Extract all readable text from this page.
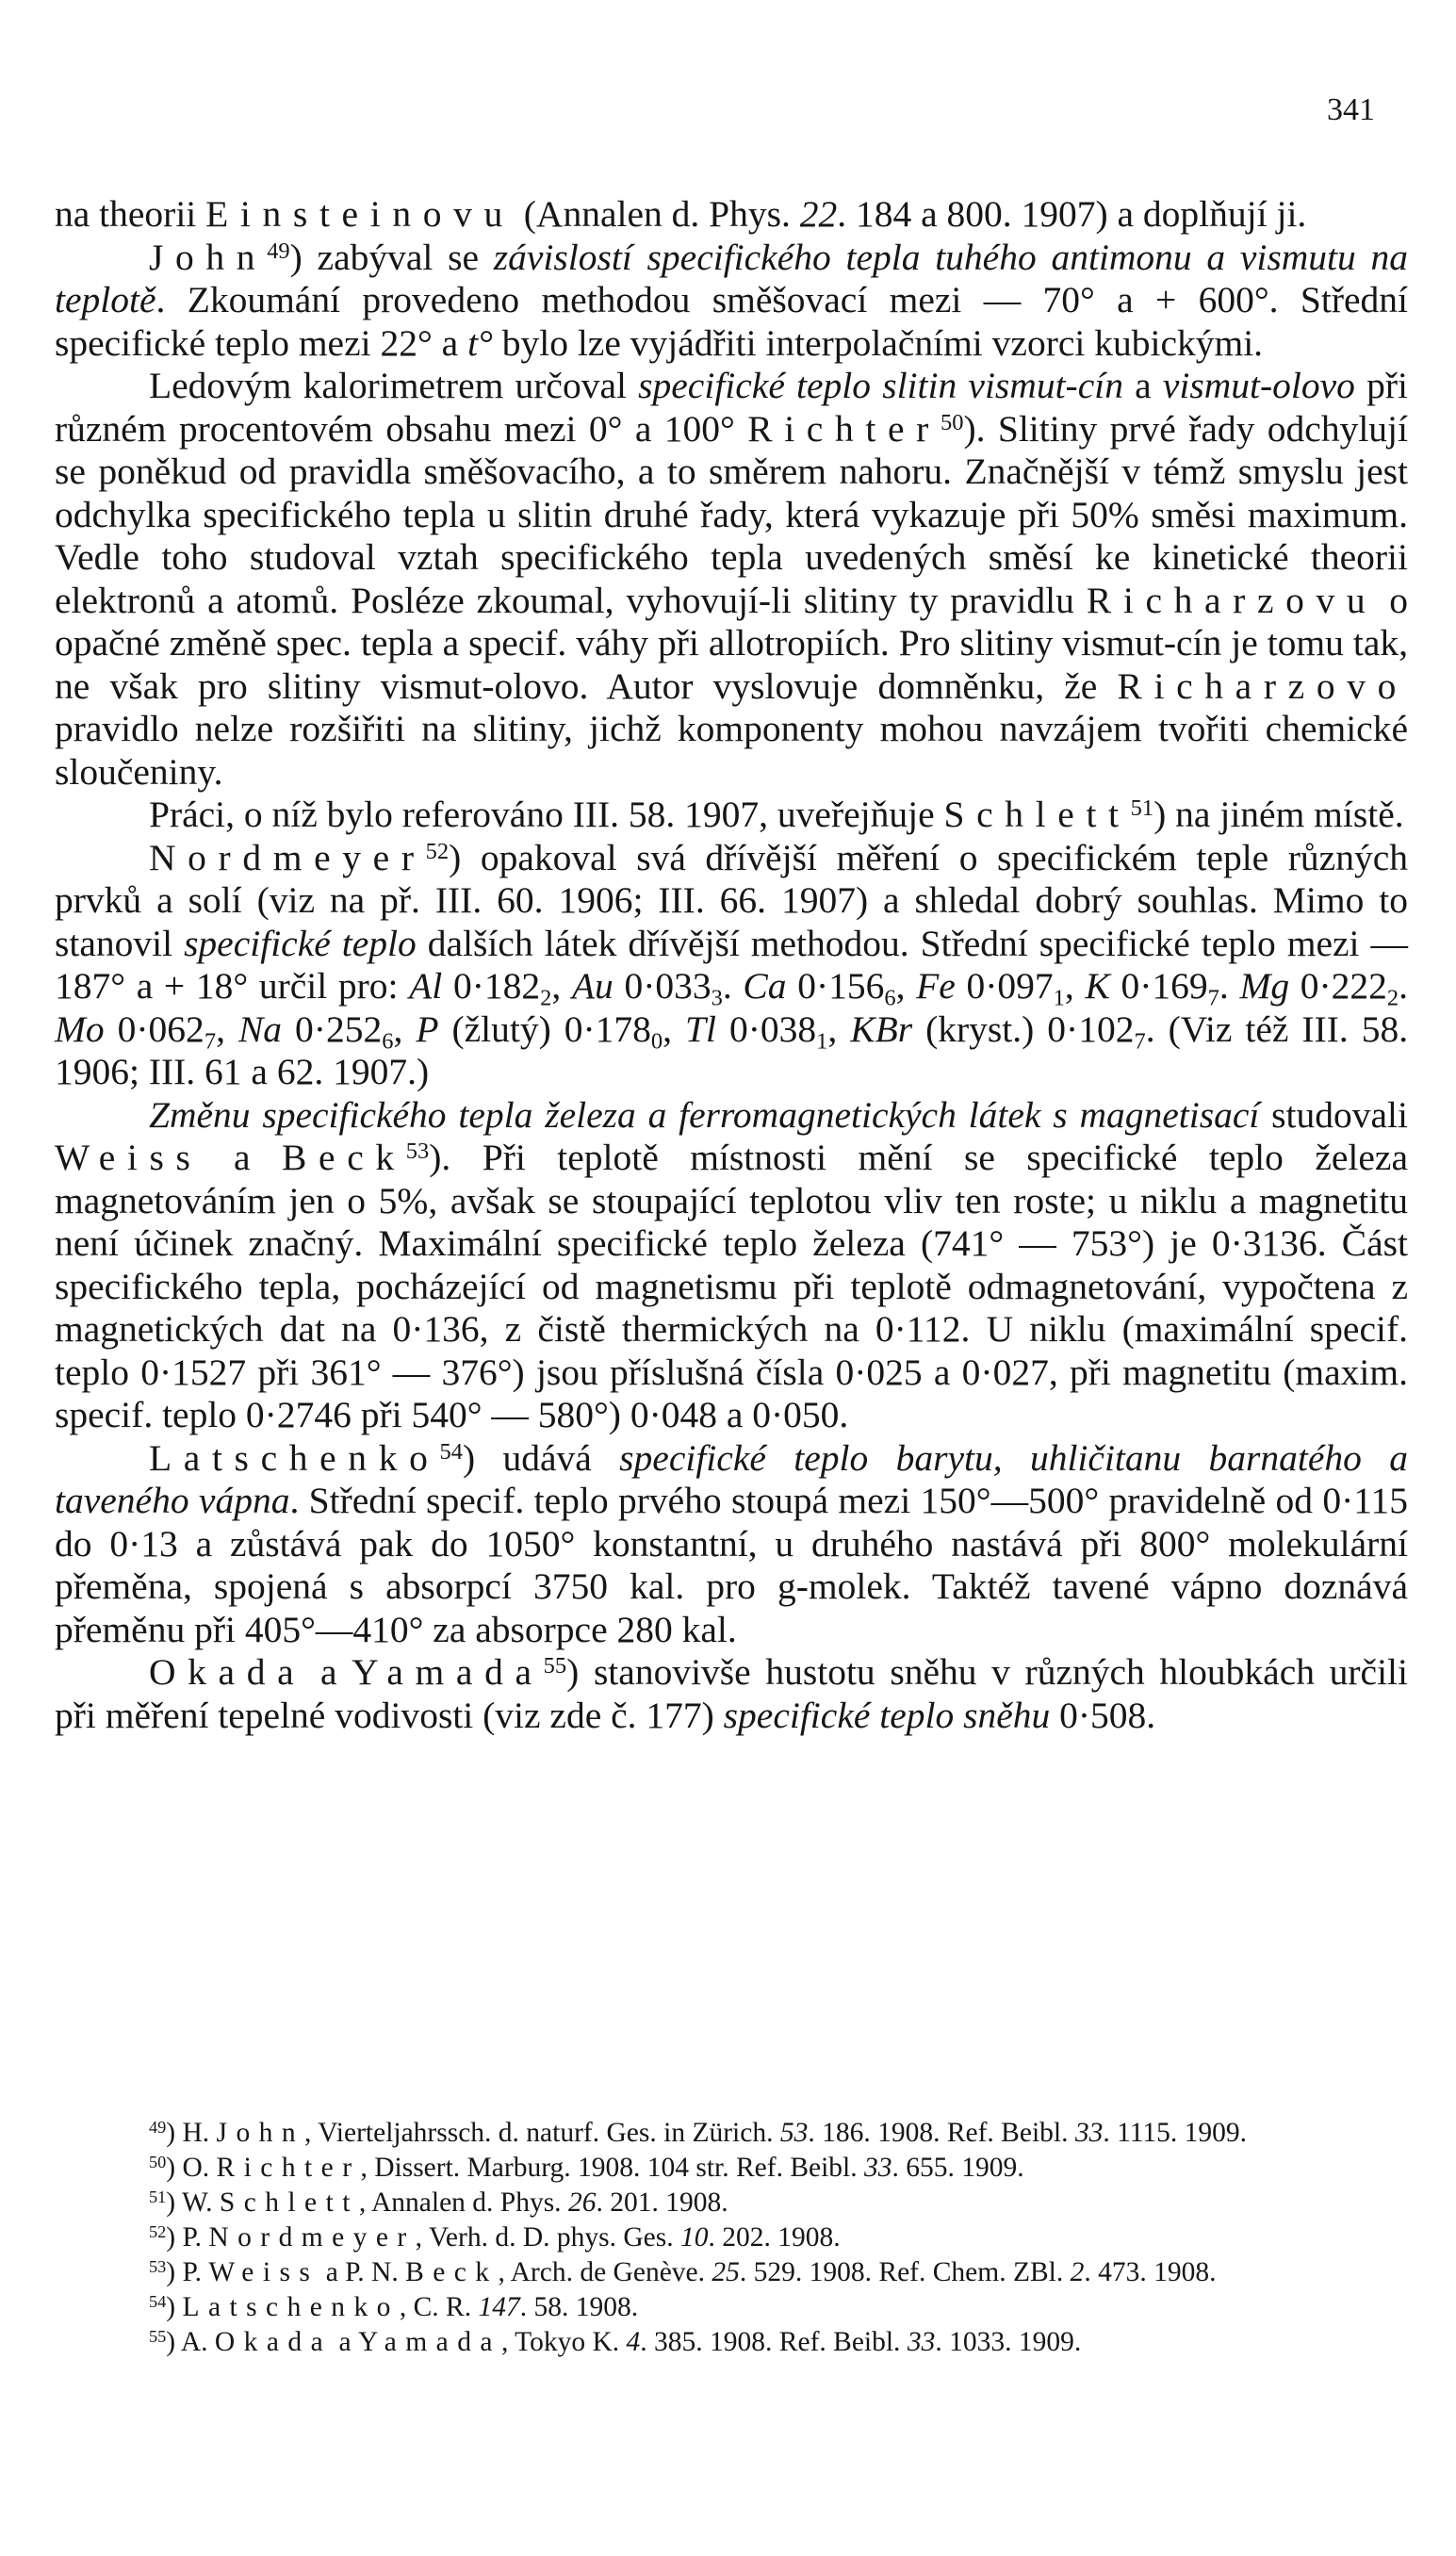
341

na theorii Einsteinovu (Annalen d. Phys. 22. 184 a 800. 1907) a doplňují ji.

John$^{49}$) zabýval se závislostí specifického tepla tuhého antimonu a vismutu na teplotě. Zkoumání provedeno methodou směšovací mezi — 70° a + 600°. Střední specifické teplo mezi 22° a t° bylo lze vyjádřiti interpolačními vzorci kubickými.

Ledovým kalorimetrem určoval specifické teplo slitin vismut-cín a vismut-olovo při různém procentovém obsahu mezi 0° a 100° Richter$^{50}$). Slitiny prvé řady odchylují se poněkud od pravidla směšovacího, a to směrem nahoru. Značnější v témž smyslu jest odchylka specifického tepla u slitin druhé řady, která vykazuje při 50% směsi maximum. Vedle toho studoval vztah specifického tepla uvedených směsí ke kinetické theorii elektronů a atomů. Posléze zkoumal, vyhovují-li slitiny ty pravidlu Richarzovu o opačné změně spec. tepla a specif. váhy při allotropiích. Pro slitiny vismut-cín je tomu tak, ne však pro slitiny vismut-olovo. Autor vyslovuje domněnku, že Richarzovo pravidlo nelze rozšiřiti na slitiny, jichž komponenty mohou navzájem tvořiti chemické sloučeniny.

Práci, o níž bylo referováno III. 58. 1907, uveřejňuje Schlett$^{51}$) na jiném místě.

Nordmeyer$^{52}$) opakoval svá dřívější měření o specifickém teple různých prvků a solí (viz na př. III. 60. 1906; III. 66. 1907) a shledal dobrý souhlas. Mimo to stanovil specifické teplo dalších látek dřívější methodou. Střední specifické teplo mezi — 187° a + 18° určil pro: Al $0\cdot 182_2$, Au $0\cdot 033_3$. Ca $0\cdot 156_6$, Fe $0\cdot 097_1$, K $0\cdot 169_7$. Mg $0\cdot 222_2$. Mo $0\cdot 062_7$, Na $0\cdot 252_6$, P (žlutý) $0\cdot 178_0$, Tl $0\cdot 038_1$, KBr (kryst.) $0\cdot 102_7$. (Viz též III. 58. 1906; III. 61 a 62. 1907.)

Změnu specifického tepla železa a ferromagnetických látek s magnetisací studovali Weiss a Beck$^{53}$). Při teplotě místnosti mění se specifické teplo železa magnetováním jen o 5%, avšak se stoupající teplotou vliv ten roste; u niklu a magnetitu není účinek značný. Maximální specifické teplo železa (741° — 753°) je 0·3136. Část specifického tepla, pocházející od magnetismu při teplotě odmagnetování, vypočtena z magnetických dat na 0·136, z čistě thermických na 0·112. U niklu (maximální specif. teplo 0·1527 při 361° — 376°) jsou příslušná čísla 0·025 a 0·027, při magnetitu (maxim. specif. teplo 0·2746 při 540° — 580°) 0·048 a 0·050.

Latschenko$^{54}$) udává specifické teplo barytu, uhličitanu barnatého a taveného vápna. Střední specif. teplo prvého stoupá mezi 150°—500° pravidelně od 0·115 do 0·13 a zůstává pak do 1050° konstantní, u druhého nastává při 800° molekulární přeměna, spojená s absorpcí 3750 kal. pro g-molek. Taktéž tavené vápno doznává přeměnu při 405°—410° za absorpce 280 kal.

Okada a Yamada$^{55}$) stanovivše hustotu sněhu v různých hloubkách určili při měření tepelné vodivosti (viz zde č. 177) specifické teplo sněhu 0·508.

$^{49}$) H. John, Vierteljahrssch. d. naturf. Ges. in Zürich. 53. 186. 1908. Ref. Beibl. 33. 1115. 1909.

$^{50}$) O. Richter, Dissert. Marburg. 1908. 104 str. Ref. Beibl. 33. 655. 1909.

$^{51}$) W. Schlett, Annalen d. Phys. 26. 201. 1908.

$^{52}$) P. Nordmeyer, Verh. d. D. phys. Ges. 10. 202. 1908.

$^{53}$) P. Weiss a P. N. Beck, Arch. de Genève. 25. 529. 1908. Ref. Chem. ZBl. 2. 473. 1908.

$^{54}$) Latschenko, C. R. 147. 58. 1908.

$^{55}$) A. Okada a Yamada, Tokyo K. 4. 385. 1908. Ref. Beibl. 33. 1033. 1909.
